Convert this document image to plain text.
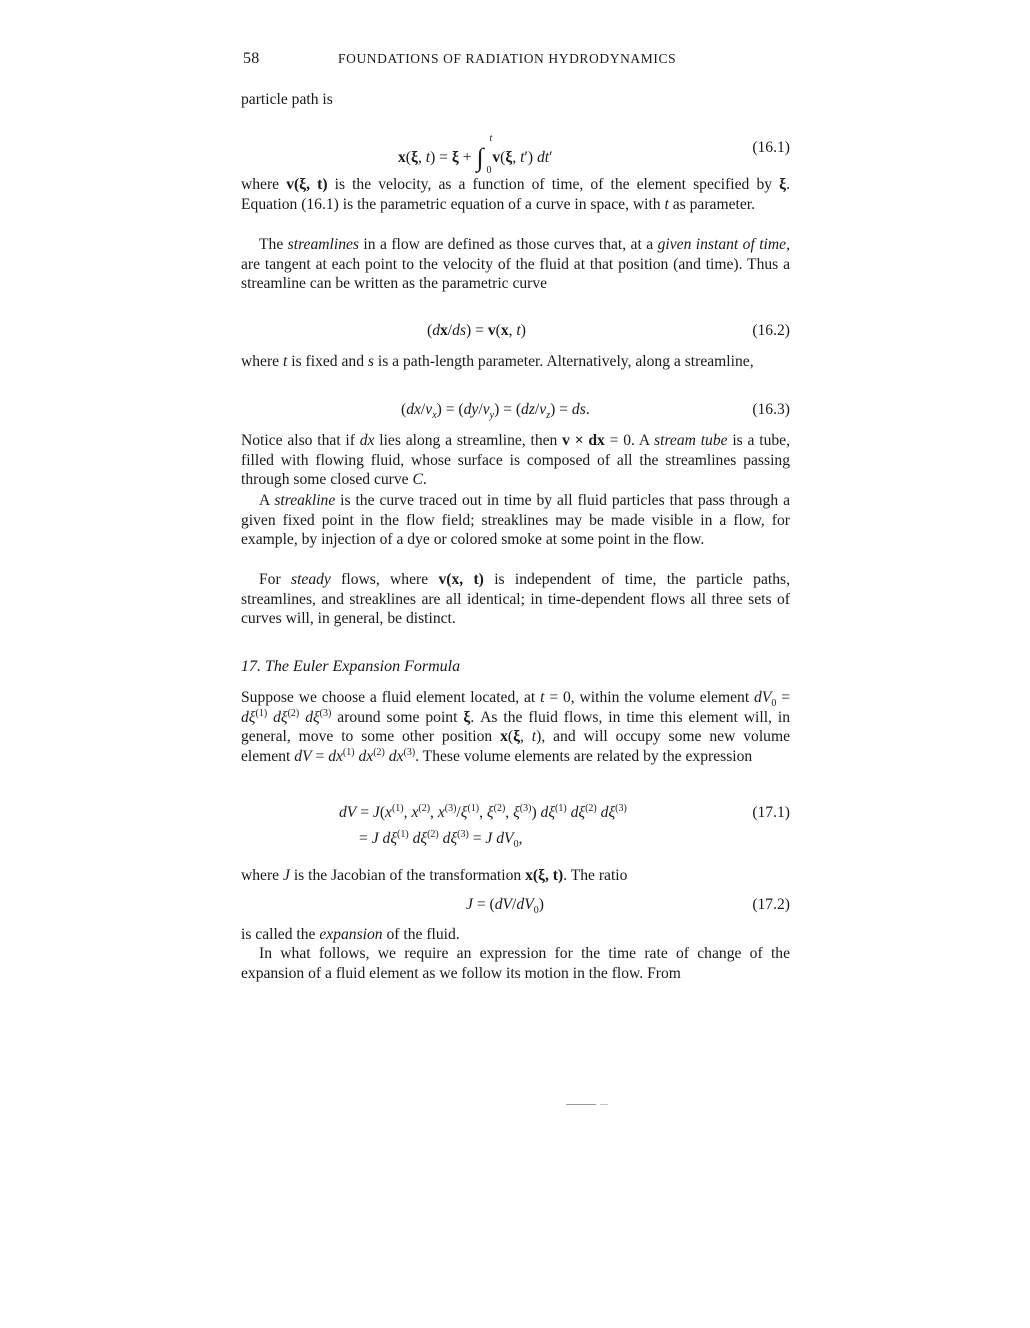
58	FOUNDATIONS OF RADIATION HYDRODYNAMICS
particle path is
x(ξ, t) = ξ + ∫
t
0
v(ξ, t′) dt′
(16.1)
where v(ξ, t) is the velocity, as a function of time, of the element specified by ξ. Equation (16.1) is the parametric equation of a curve in space, with t as parameter.
The streamlines in a flow are defined as those curves that, at a given instant of time, are tangent at each point to the velocity of the fluid at that position (and time). Thus a streamline can be written as the parametric curve
(dx/ds) = v(x, t)	(16.2)
where t is fixed and s is a path-length parameter. Alternatively, along a streamline,
$(dx/v_x) = (dy/v_y) = (dz/v_z)$ = ds.	(16.3)
Notice also that if dx lies along a streamline, then v × dx = 0. A stream tube is a tube, filled with flowing fluid, whose surface is composed of all the streamlines passing through some closed curve C.
A streakline is the curve traced out in time by all fluid particles that pass through a given fixed point in the flow field; streaklines may be made visible in a flow, for example, by injection of a dye or colored smoke at some point in the flow.
For steady flows, where v(x, t) is independent of time, the particle paths, streamlines, and streaklines are all identical; in time-dependent flows all three sets of curves will, in general, be distinct.
17. The Euler Expansion Formula
Suppose we choose a fluid element located, at t = 0, within the volume element $dV_0 = d\xi^{(1)}$ $d\xi^{(2)}$ $d\xi^{(3)}$ around some point ξ. As the fluid flows, in time this element will, in general, move to some other position x(ξ, t), and will occupy some new volume element dV = $dx^{(1)}$ $dx^{(2)}$ $dx^{(3)}$. These volume elements are related by the expression
dV = $J(x^{(1)}$, $x^{(2)}$, $x^{(3)}/\xi^{(1)}$, $\xi^{(2)}$, $\xi^{(3)}$) $d\xi^{(1)}$ $d\xi^{(2)}$ $d\xi^{(3)}$	(17.1)
= J $d\xi^{(1)}$ $d\xi^{(2)}$ $d\xi^{(3)} = J$ $dV_0$,
where J is the Jacobian of the transformation x(ξ, t). The ratio
$J = (dV/dV_0)$	(17.2)
is called the expansion of the fluid.
In what follows, we require an expression for the time rate of change of the expansion of a fluid element as we follow its motion in the flow. From
